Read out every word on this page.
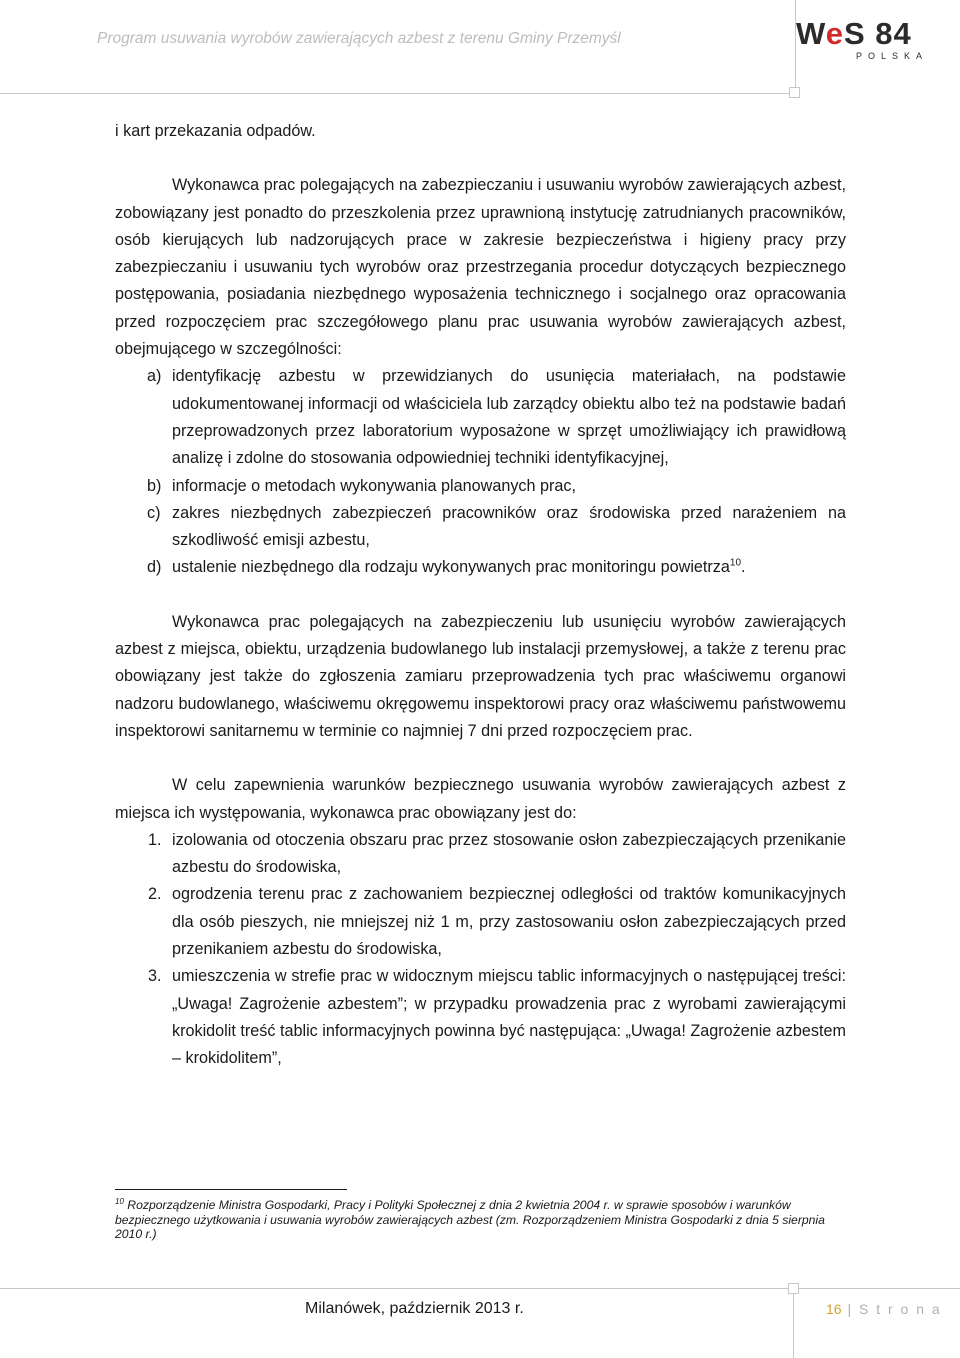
Program usuwania wyrobów zawierających azbest z terenu Gminy Przemyśl	WeS 84
POLSKA

i kart przekazania odpadów.

Wykonawca prac polegających na zabezpieczaniu i usuwaniu wyrobów zawierających azbest, zobowiązany jest ponadto do przeszkolenia przez uprawnioną instytucję zatrudnianych pracowników, osób kierujących lub nadzorujących prace w zakresie bezpieczeństwa i higieny pracy przy zabezpieczaniu i usuwaniu tych wyrobów oraz przestrzegania procedur dotyczących bezpiecznego postępowania, posiadania niezbędnego wyposażenia technicznego i socjalnego oraz opracowania przed rozpoczęciem prac szczegółowego planu prac usuwania wyrobów zawierających azbest, obejmującego w szczególności:

a) identyfikację azbestu w przewidzianych do usunięcia materiałach, na podstawie udokumentowanej informacji od właściciela lub zarządcy obiektu albo też na podstawie badań przeprowadzonych przez laboratorium wyposażone w sprzęt umożliwiający ich prawidłową analizę i zdolne do stosowania odpowiedniej techniki identyfikacyjnej,
b) informacje o metodach wykonywania planowanych prac,
c) zakres niezbędnych zabezpieczeń pracowników oraz środowiska przed narażeniem na szkodliwość emisji azbestu,
d) ustalenie niezbędnego dla rodzaju wykonywanych prac monitoringu powietrza$^{10}$.

Wykonawca prac polegających na zabezpieczeniu lub usunięciu wyrobów zawierających azbest z miejsca, obiektu, urządzenia budowlanego lub instalacji przemysłowej, a także z terenu prac obowiązany jest także do zgłoszenia zamiaru przeprowadzenia tych prac właściwemu organowi nadzoru budowlanego, właściwemu okręgowemu inspektorowi pracy oraz właściwemu państwowemu inspektorowi sanitarnemu w terminie co najmniej 7 dni przed rozpoczęciem prac.

W celu zapewnienia warunków bezpiecznego usuwania wyrobów zawierających azbest z miejsca ich występowania, wykonawca prac obowiązany jest do:

1. izolowania od otoczenia obszaru prac przez stosowanie osłon zabezpieczających przenikanie azbestu do środowiska,
2. ogrodzenia terenu prac z zachowaniem bezpiecznej odległości od traktów komunikacyjnych dla osób pieszych, nie mniejszej niż 1 m, przy zastosowaniu osłon zabezpieczających przed przenikaniem azbestu do środowiska,
3. umieszczenia w strefie prac w widocznym miejscu tablic informacyjnych o następującej treści: „Uwaga! Zagrożenie azbestem”; w przypadku prowadzenia prac z wyrobami zawierającymi krokidolit treść tablic informacyjnych powinna być następująca: „Uwaga! Zagrożenie azbestem – krokidolitem”,
$^{10}$ Rozporządzenie Ministra Gospodarki, Pracy i Polityki Społecznej z dnia 2 kwietnia 2004 r. w sprawie sposobów i warunków bezpiecznego użytkowania i usuwania wyrobów zawierających azbest (zm. Rozporządzeniem Ministra Gospodarki z dnia 5 sierpnia 2010 r.)
Milanówek, październik 2013 r.	16 | S t r o n a
